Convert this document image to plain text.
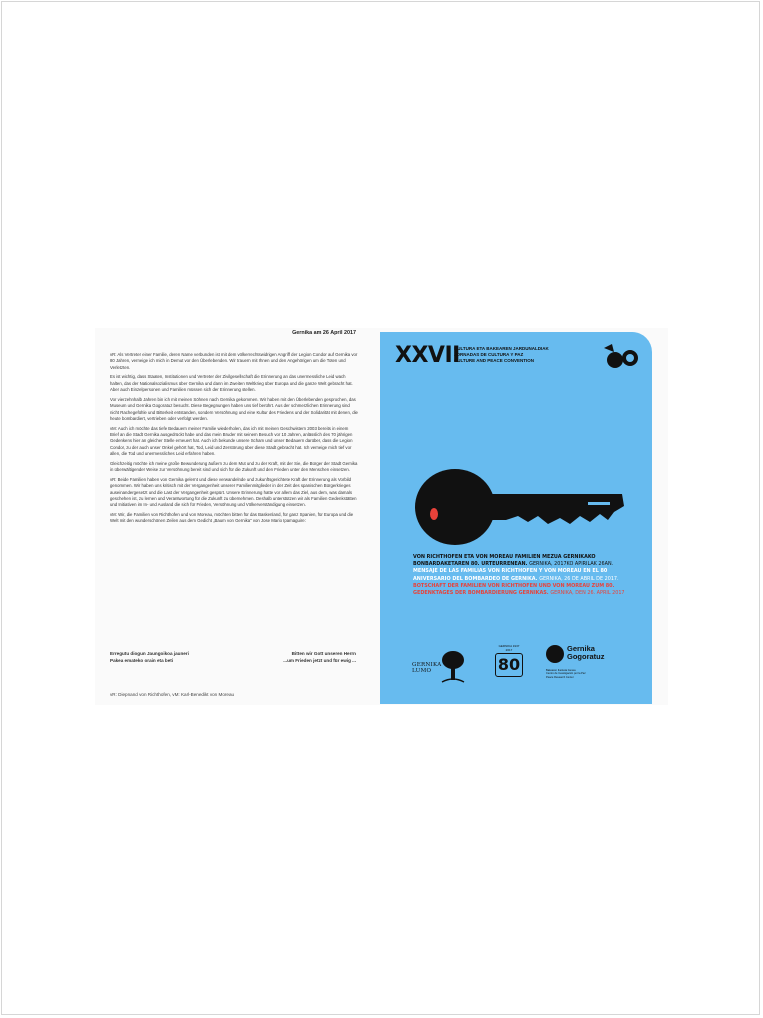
Gernika am 26 April 2017

vR: Als Vertreter einer Familie, deren Name verbunden ist mit dem völkerrechtswidrigen Angriff der Legion Condor auf Gernika vor 80 Jahren, verneige ich mich in Demut vor den Überlebenden. Wir trauern mit Ihnen und den Angehörigen um die Toten und Verletzten.

Es ist wichtig, dass Staaten, Institutionen und Vertreter der Zivilgesellschaft die Erinnerung an das unermessliche Leid wach halten, das der Nationalsozialismus über Gernika und dann im Zweiten Weltkrieg über Europa und die ganze Welt gebracht hat. Aber auch Einzelpersonen und Familien müssen sich der Erinnerung stellen.

Vor vierzehnhalb Jahren bin ich mit meinen Söhnen nach Gernika gekommen. Wir haben mit den Überlebenden gesprochen, das Museum und Gernika Gogoratuz besucht. Diese Begegnungen haben uns tief berührt. Aus der schmerzlichen Erinnerung sind nicht Rachegefühle und Bitterkeit entstanden, sondern Versöhnung und eine Kultur des Friedens und der Solidarität mit denen, die heute bombardiert, vertrieben oder verfolgt werden.

vM: Auch ich möchte das tiefe Bedauern meiner Familie wiederholen, das ich mit meinen Geschwistern 2003 bereits in einem Brief an die Stadt Gernika ausgedrückt habe und das mein Bruder mit seinem Besuch vor 10 Jahren, anlässlich des 70 jährigen Gedenkens hier an gleicher Stelle erneuert hat. Auch ich bekunde unsere Scham und unser Bedauern darüber, dass die Legion Condor, zu der auch unser Onkel gehört hat, Tod, Leid und Zerstörung über diese Stadt gebracht hat. Ich verneige mich tief vor allen, die Tod und unermessliches Leid erfahren haben.

Gleichzeitig möchte ich meine große Bewunderung äußern zu dem Mut und zu der Kraft, mit der Sie, die Bürger der Stadt Gernika in überwältigender Weise zur Versöhnung bereit sind und sich für die Zukunft und den Frieden unter den Menschen einsetzen.

vR: Beide Familien haben von Gernika gelernt und diese verwandelnde und zukunftsgerichtete Kraft der Erinnerung als Vorbild genommen. Wir haben uns kritisch mit der Vergangenheit unserer Familienmitglieder in der Zeit des spanischen Bürgerkrieges auseinandergesetzt und die Last der Vergangenheit gespürt. Unsere Erinnerung hatte vor allem das Ziel, aus dem, was damals geschehen ist, zu lernen und Verantwortung für die Zukunft zu übernehmen. Deshalb unterstützen wir als Familien Gedenkstätten und Initiativen im In- und Ausland die sich für Frieden, Versöhnung und Völkerverständigung einsetzen.

vM: Wir, die Familien von Richthofen und von Moreau, möchten bitten für das Baskenland, für ganz Spanien, für Europa und die Welt mit den wunderschönen Zeilen aus dem Gedicht „Baum von Gernika" von Jose Mario Ipamaguire:

Erregutu diogun Jaungoikoa jauneri
Pakea emateko orain eta beti
Bitten wir Gott unseren Herrn
...um Frieden jetzt und für ewig ...
vR: Diepnand von Richthofen, vM: Karl-Benedikt von Moreau
XXVII
KULTURA ETA BAKEAREN JARDUNALDIAK
JORNADAS DE CULTURA Y PAZ
CULTURE AND PEACE CONVENTION
VON RICHTHOFEN ETA VON MOREAU FAMILIEN MEZUA GERNIKAKO
BONBARDAKETAREN 80. URTEURRENEAN. GERNIKA, 2017KO APIRILAK 26AN.
MENSAJE DE LAS FAMILIAS VON RICHTHOFEN Y VON MOREAU EN EL 80
ANIVERSARIO DEL BOMBARDEO DE GERNIKA. GERNIKA, 26 DE ABRIL DE 2017.
BOTSCHAFT DER FAMILIEN VON RICHTHOFEN UND VON MOREAU ZUM 80.
GEDENKTAGES DER BOMBARDIERUNG GERNIKAS. GERNIKA, DEN 26. APRIL 2017
GERNIKA
LUMO
GERNIKA 1937
2017
80
Gernika
Gogoratuz
Bakearen Ikerketa Gunea
Centro de Investigación por la Paz
Peace Research Center
